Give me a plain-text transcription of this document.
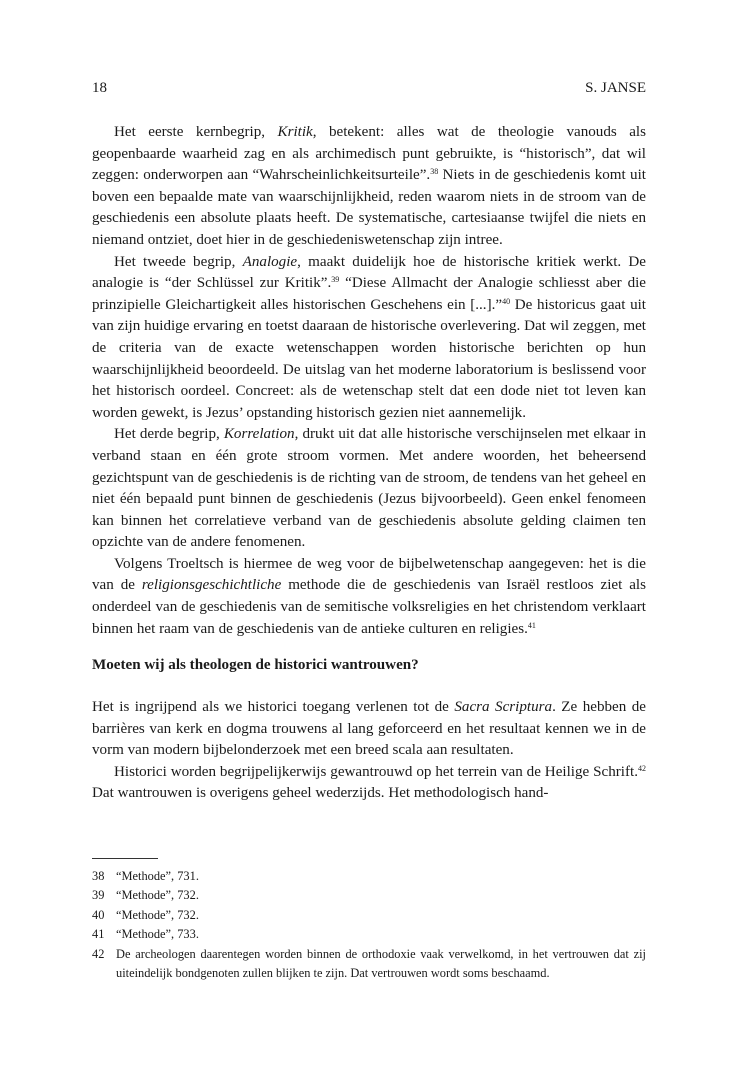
18	S. JANSE

Het eerste kernbegrip, Kritik, betekent: alles wat de theologie vanouds als geopenbaarde waarheid zag en als archimedisch punt gebruikte, is “historisch”, dat wil zeggen: onderworpen aan “Wahrscheinlichkeitsurteile”.$^{38}$ Niets in de geschiedenis komt uit boven een bepaalde mate van waarschijnlijkheid, reden waarom niets in de stroom van de geschiedenis een absolute plaats heeft. De systematische, cartesiaanse twijfel die niets en niemand ontziet, doet hier in de geschiedeniswetenschap zijn intree.

Het tweede begrip, Analogie, maakt duidelijk hoe de historische kritiek werkt. De analogie is “der Schlüssel zur Kritik”.$^{39}$ “Diese Allmacht der Analogie schliesst aber die prinzipielle Gleichartigkeit alles historischen Geschehens ein [...].”$^{40}$ De historicus gaat uit van zijn huidige ervaring en toetst daaraan de historische overlevering. Dat wil zeggen, met de criteria van de exacte wetenschappen worden historische berichten op hun waarschijnlijkheid beoordeeld. De uitslag van het moderne laboratorium is beslissend voor het historisch oordeel. Concreet: als de wetenschap stelt dat een dode niet tot leven kan worden gewekt, is Jezus’ opstanding historisch gezien niet aannemelijk.

Het derde begrip, Korrelation, drukt uit dat alle historische verschijnselen met elkaar in verband staan en één grote stroom vormen. Met andere woorden, het beheersend gezichtspunt van de geschiedenis is de richting van de stroom, de tendens van het geheel en niet één bepaald punt binnen de geschiedenis (Jezus bijvoorbeeld). Geen enkel fenomeen kan binnen het correlatieve verband van de geschiedenis absolute gelding claimen ten opzichte van de andere fenomenen.

Volgens Troeltsch is hiermee de weg voor de bijbelwetenschap aangegeven: het is die van de religionsgeschichtliche methode die de geschiedenis van Israël restloos ziet als onderdeel van de geschiedenis van de semitische volksreligies en het christendom verklaart binnen het raam van de geschiedenis van de antieke culturen en religies.$^{41}$

Moeten wij als theologen de historici wantrouwen?

Het is ingrijpend als we historici toegang verlenen tot de Sacra Scriptura. Ze hebben de barrières van kerk en dogma trouwens al lang geforceerd en het resultaat kennen we in de vorm van modern bijbelonderzoek met een breed scala aan resultaten.

Historici worden begrijpelijkerwijs gewantrouwd op het terrein van de Heilige Schrift.$^{42}$ Dat wantrouwen is overigens geheel wederzijds. Het methodologisch hand-

38 “Methode”, 731.
39 “Methode”, 732.
40 “Methode”, 732.
41 “Methode”, 733.
42 De archeologen daarentegen worden binnen de orthodoxie vaak verwelkomd, in het vertrouwen dat zij uiteindelijk bondgenoten zullen blijken te zijn. Dat vertrouwen wordt soms beschaamd.
